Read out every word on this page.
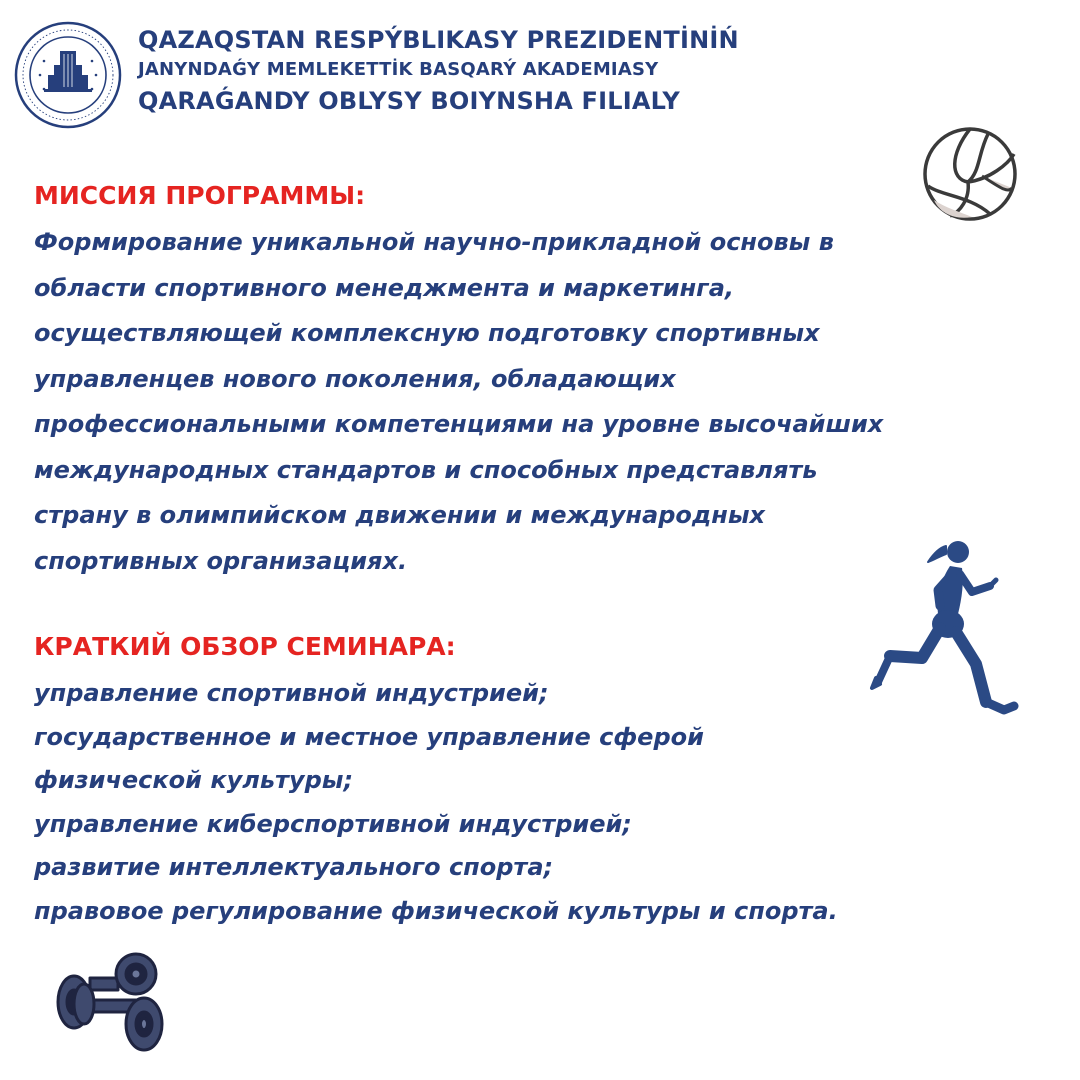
QAZAQSTAN RESPÝBLIKASY PREZIDENTİNİŃ
JANYNDAǴY MEMLEKETTİK BASQARÝ AKADEMIASY
QARAǴANDY OBLYSY BOIYNSHA FILIALY
МИССИЯ ПРОГРАММЫ:
Формирование уникальной научно-прикладной основы в
области спортивного менеджмента и маркетинга,
осуществляющей комплексную подготовку спортивных
управленцев нового поколения, обладающих
профессиональными компетенциями на уровне высочайших
международных стандартов и способных представлять
страну в олимпийском движении и международных
спортивных организациях.
КРАТКИЙ ОБЗОР СЕМИНАРА:
управление спортивной индустрией;
государственное и местное управление сферой
физической культуры;
управление киберспортивной индустрией;
развитие интеллектуального спорта;
правовое регулирование физической культуры и спорта.
